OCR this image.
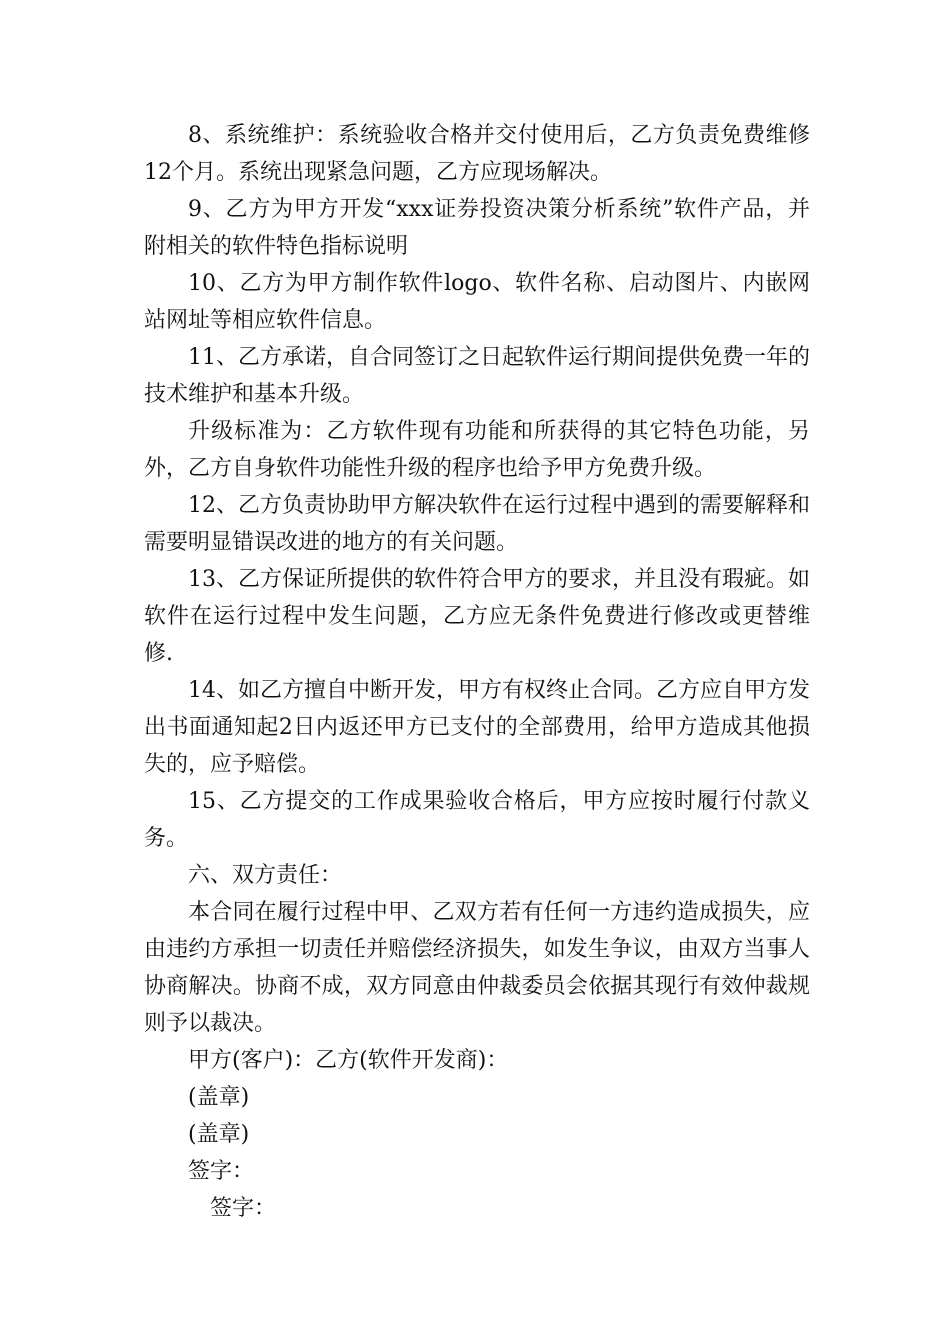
8、系统维护：系统验收合格并交付使用后，乙方负责免费维修12个月。系统出现紧急问题，乙方应现场解决。

9、乙方为甲方开发“xxx证券投资决策分析系统”软件产品，并附相关的软件特色指标说明

10、乙方为甲方制作软件logo、软件名称、启动图片、内嵌网站网址等相应软件信息。

11、乙方承诺，自合同签订之日起软件运行期间提供免费一年的技术维护和基本升级。

升级标准为：乙方软件现有功能和所获得的其它特色功能，另外，乙方自身软件功能性升级的程序也给予甲方免费升级。

12、乙方负责协助甲方解决软件在运行过程中遇到的需要解释和需要明显错误改进的地方的有关问题。

13、乙方保证所提供的软件符合甲方的要求，并且没有瑕疵。如软件在运行过程中发生问题，乙方应无条件免费进行修改或更替维修.

14、如乙方擅自中断开发，甲方有权终止合同。乙方应自甲方发出书面通知起2日内返还甲方已支付的全部费用，给甲方造成其他损失的，应予赔偿。

15、乙方提交的工作成果验收合格后，甲方应按时履行付款义务。

六、双方责任：

本合同在履行过程中甲、乙双方若有任何一方违约造成损失，应由违约方承担一切责任并赔偿经济损失，如发生争议，由双方当事人协商解决。协商不成，双方同意由仲裁委员会依据其现行有效仲裁规则予以裁决。

甲方(客户)：乙方(软件开发商)：

(盖章)

(盖章)

签字：

签字：
